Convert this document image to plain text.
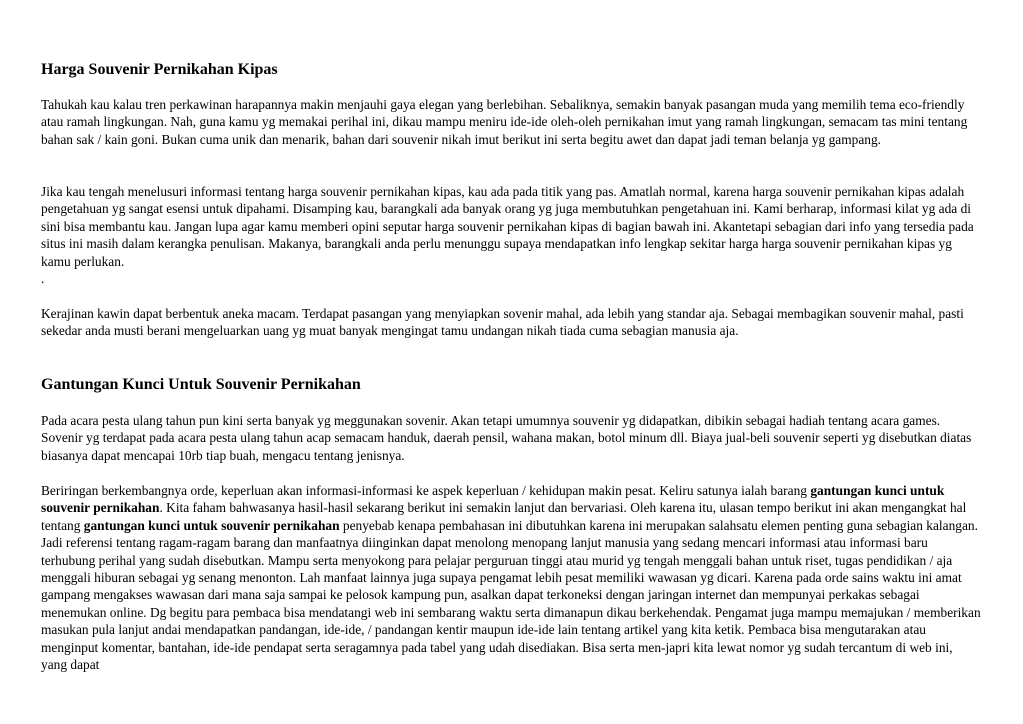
Harga Souvenir Pernikahan Kipas

Tahukah kau kalau tren perkawinan harapannya makin menjauhi gaya elegan yang berlebihan. Sebaliknya, semakin banyak pasangan muda yang memilih tema eco-friendly atau ramah lingkungan. Nah, guna kamu yg memakai perihal ini, dikau mampu meniru ide-ide oleh-oleh pernikahan imut yang ramah lingkungan, semacam tas mini tentang bahan sak / kain goni. Bukan cuma unik dan menarik, bahan dari souvenir nikah imut berikut ini serta begitu awet dan dapat jadi teman belanja yg gampang.

Jika kau tengah menelusuri informasi tentang harga souvenir pernikahan kipas, kau ada pada titik yang pas. Amatlah normal, karena harga souvenir pernikahan kipas adalah pengetahuan yg sangat esensi untuk dipahami. Disamping kau, barangkali ada banyak orang yg juga membutuhkan pengetahuan ini. Kami berharap, informasi kilat yg ada di sini bisa membantu kau. Jangan lupa agar kamu memberi opini seputar harga souvenir pernikahan kipas di bagian bawah ini. Akantetapi sebagian dari info yang tersedia pada situs ini masih dalam kerangka penulisan. Makanya, barangkali anda perlu menunggu supaya mendapatkan info lengkap sekitar harga harga souvenir pernikahan kipas yg kamu perlukan.
.

Kerajinan kawin dapat berbentuk aneka macam. Terdapat pasangan yang menyiapkan sovenir mahal, ada lebih yang standar aja. Sebagai membagikan souvenir mahal, pasti sekedar anda musti berani mengeluarkan uang yg muat banyak mengingat tamu undangan nikah tiada cuma sebagian manusia aja.

Gantungan Kunci Untuk Souvenir Pernikahan

Pada acara pesta ulang tahun pun kini serta banyak yg meggunakan sovenir. Akan tetapi umumnya souvenir yg didapatkan, dibikin sebagai hadiah tentang acara games. Sovenir yg terdapat pada acara pesta ulang tahun acap semacam handuk, daerah pensil, wahana makan, botol minum dll. Biaya jual-beli souvenir seperti yg disebutkan diatas biasanya dapat mencapai 10rb tiap buah, mengacu tentang jenisnya.

Beriringan berkembangnya orde, keperluan akan informasi-informasi ke aspek keperluan / kehidupan makin pesat. Keliru satunya ialah barang gantungan kunci untuk souvenir pernikahan. Kita faham bahwasanya hasil-hasil sekarang berikut ini semakin lanjut dan bervariasi. Oleh karena itu, ulasan tempo berikut ini akan mengangkat hal tentang gantungan kunci untuk souvenir pernikahan penyebab kenapa pembahasan ini dibutuhkan karena ini merupakan salahsatu elemen penting guna sebagian kalangan. Jadi referensi tentang ragam-ragam barang dan manfaatnya diinginkan dapat menolong menopang lanjut manusia yang sedang mencari informasi atau informasi baru terhubung perihal yang sudah disebutkan. Mampu serta menyokong para pelajar perguruan tinggi atau murid yg tengah menggali bahan untuk riset, tugas pendidikan / aja menggali hiburan sebagai yg senang menonton. Lah manfaat lainnya juga supaya pengamat lebih pesat memiliki wawasan yg dicari. Karena pada orde sains waktu ini amat gampang mengakses wawasan dari mana saja sampai ke pelosok kampung pun, asalkan dapat terkoneksi dengan jaringan internet dan mempunyai perkakas sebagai menemukan online. Dg begitu para pembaca bisa mendatangi web ini sembarang waktu serta dimanapun dikau berkehendak. Pengamat juga mampu memajukan / memberikan masukan pula lanjut andai mendapatkan pandangan, ide-ide, / pandangan kentir maupun ide-ide lain tentang artikel yang kita ketik. Pembaca bisa mengutarakan atau menginput komentar, bantahan, ide-ide pendapat serta seragamnya pada tabel yang udah disediakan. Bisa serta men-japri kita lewat nomor yg sudah tercantum di web ini, yang dapat
